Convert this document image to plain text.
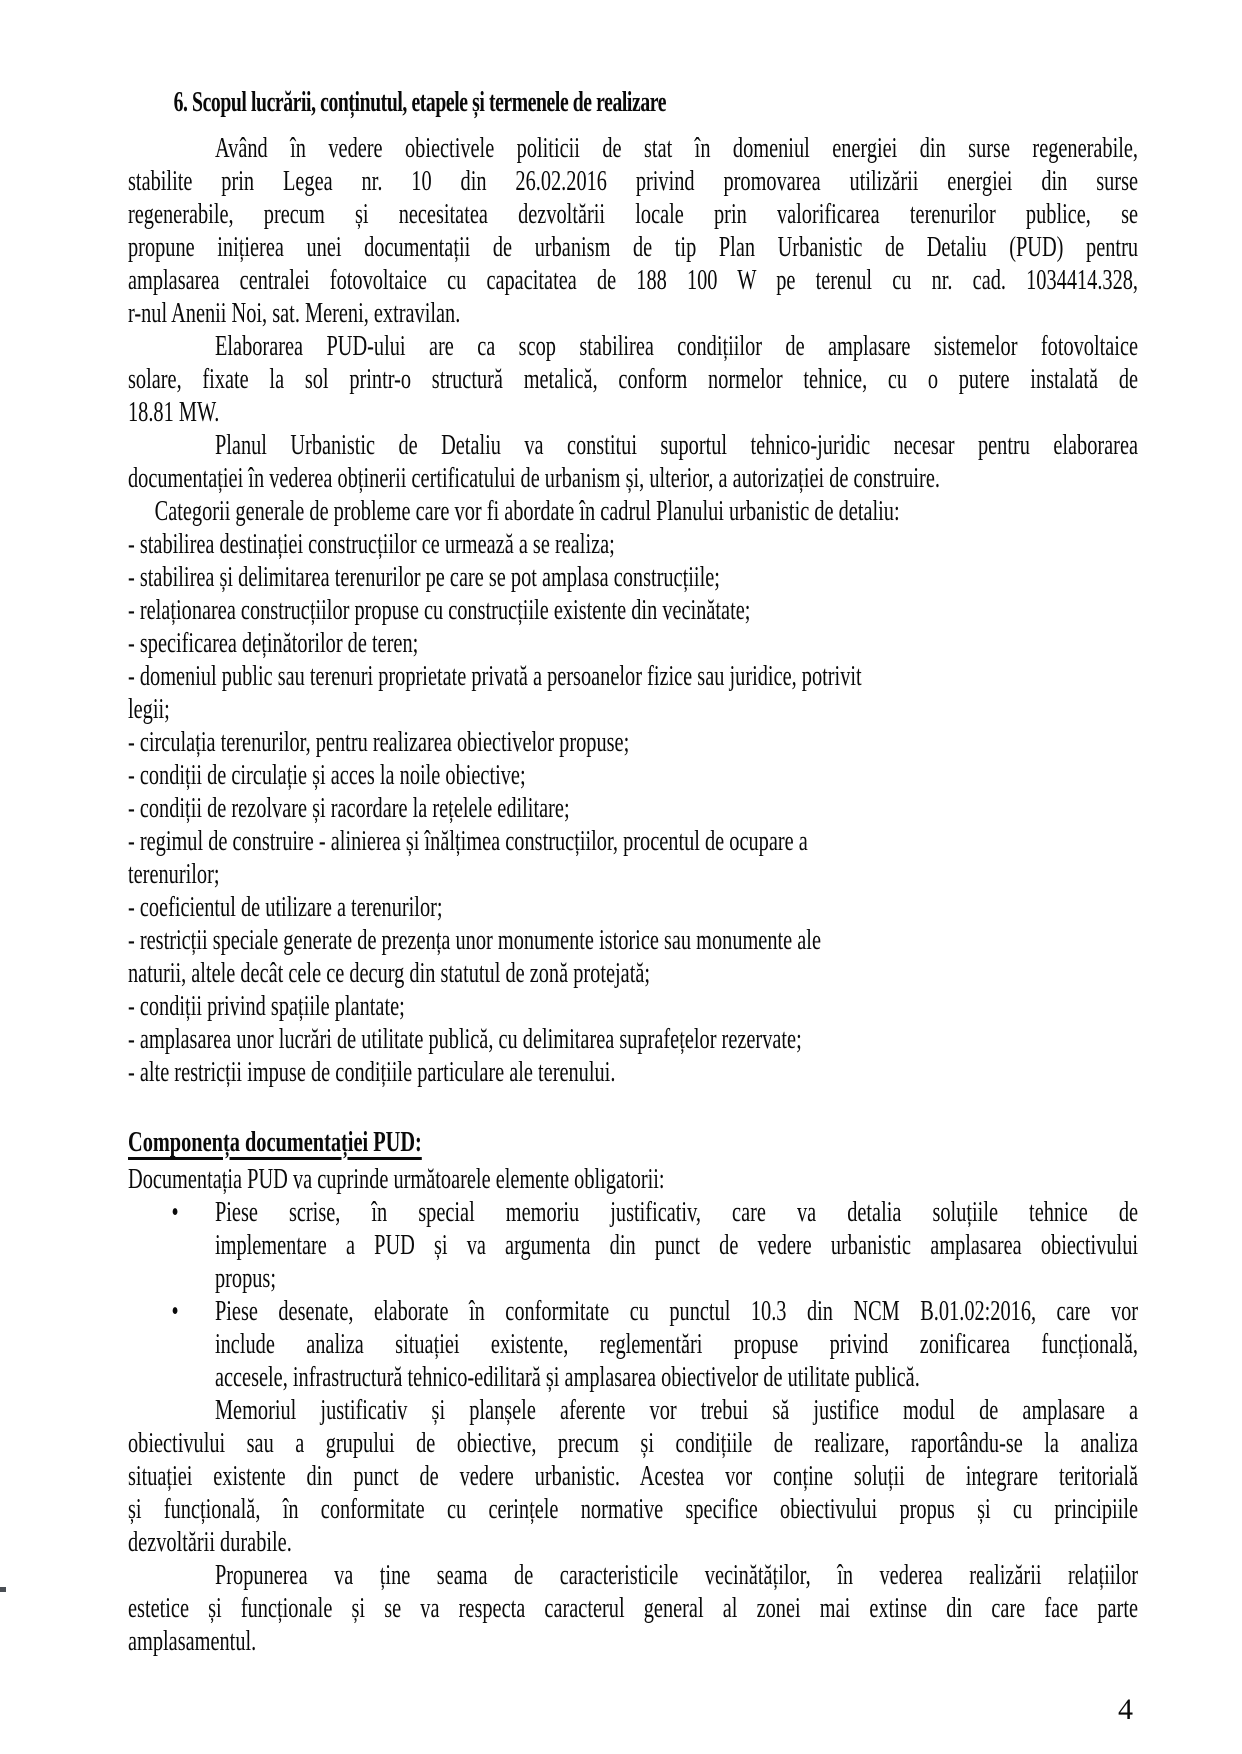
6. Scopul lucrării, conținutul, etapele și termenele de realizare
Având în vedere obiectivele politicii de stat în domeniul energiei din surse regenerabile,
stabilite prin Legea nr. 10 din 26.02.2016 privind promovarea utilizării energiei din surse
regenerabile, precum și necesitatea dezvoltării locale prin valorificarea terenurilor publice, se
propune inițierea unei documentații de urbanism de tip Plan Urbanistic de Detaliu (PUD) pentru
amplasarea centralei fotovoltaice cu capacitatea de 188 100 W pe terenul cu nr. cad. 1034414.328,
r-nul Anenii Noi, sat. Mereni, extravilan.
Elaborarea PUD-ului are ca scop stabilirea condițiilor de amplasare sistemelor fotovoltaice
solare, fixate la sol printr-o structură metalică, conform normelor tehnice, cu o putere instalată de
18.81 MW.
Planul Urbanistic de Detaliu va constitui suportul tehnico-juridic necesar pentru elaborarea
documentației în vederea obținerii certificatului de urbanism și, ulterior, a autorizației de construire.
Categorii generale de probleme care vor fi abordate în cadrul Planului urbanistic de detaliu:
- stabilirea destinației construcțiilor ce urmează a se realiza;
- stabilirea și delimitarea terenurilor pe care se pot amplasa construcțiile;
- relaționarea construcțiilor propuse cu construcțiile existente din vecinătate;
- specificarea deținătorilor de teren;
- domeniul public sau terenuri proprietate privată a persoanelor fizice sau juridice, potrivit
legii;
- circulația terenurilor, pentru realizarea obiectivelor propuse;
- condiții de circulație și acces la noile obiective;
- condiții de rezolvare și racordare la rețelele edilitare;
- regimul de construire - alinierea și înălțimea construcțiilor, procentul de ocupare a
terenurilor;
- coeficientul de utilizare a terenurilor;
- restricții speciale generate de prezența unor monumente istorice sau monumente ale
naturii, altele decât cele ce decurg din statutul de zonă protejată;
- condiții privind spațiile plantate;
- amplasarea unor lucrări de utilitate publică, cu delimitarea suprafețelor rezervate;
- alte restricții impuse de condițiile particulare ale terenului.
Componența documentației PUD:
Documentația PUD va cuprinde următoarele elemente obligatorii:
• Piese scrise, în special memoriu justificativ, care va detalia soluțiile tehnice de
implementare a PUD și va argumenta din punct de vedere urbanistic amplasarea obiectivului
propus;
• Piese desenate, elaborate în conformitate cu punctul 10.3 din NCM B.01.02:2016, care vor
include analiza situației existente, reglementări propuse privind zonificarea funcțională,
accesele, infrastructură tehnico-edilitară și amplasarea obiectivelor de utilitate publică.
Memoriul justificativ și planșele aferente vor trebui să justifice modul de amplasare a
obiectivului sau a grupului de obiective, precum și condițiile de realizare, raportându-se la analiza
situației existente din punct de vedere urbanistic. Acestea vor conține soluții de integrare teritorială
și funcțională, în conformitate cu cerințele normative specifice obiectivului propus și cu principiile
dezvoltării durabile.
Propunerea va ține seama de caracteristicile vecinătăților, în vederea realizării relațiilor
estetice și funcționale și se va respecta caracterul general al zonei mai extinse din care face parte
amplasamentul.
4
